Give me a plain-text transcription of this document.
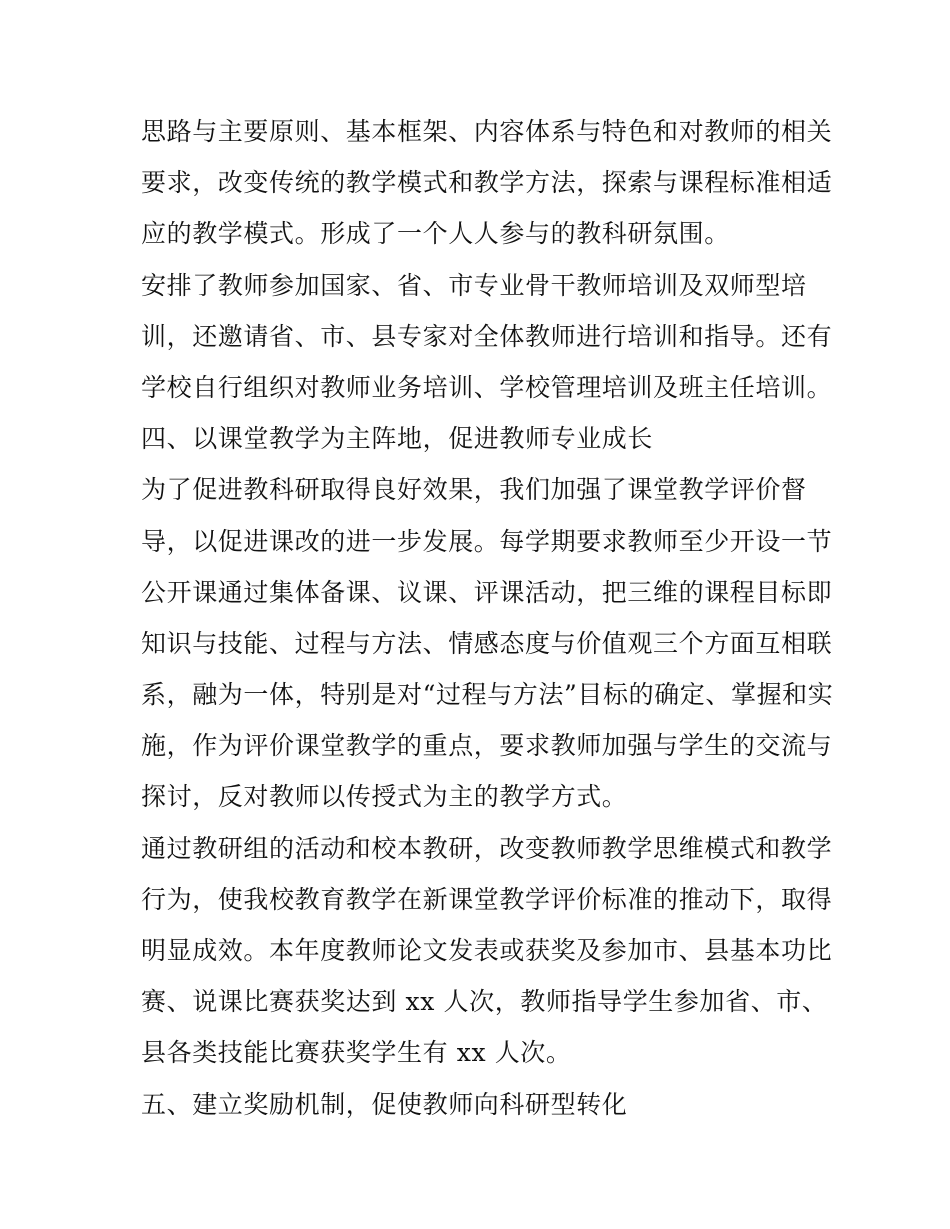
思路与主要原则、基本框架、内容体系与特色和对教师的相关
要求，改变传统的教学模式和教学方法，探索与课程标准相适
应的教学模式。形成了一个人人参与的教科研氛围。
安排了教师参加国家、省、市专业骨干教师培训及双师型培
训，还邀请省、市、县专家对全体教师进行培训和指导。还有
学校自行组织对教师业务培训、学校管理培训及班主任培训。
四、以课堂教学为主阵地，促进教师专业成长
为了促进教科研取得良好效果，我们加强了课堂教学评价督
导，以促进课改的进一步发展。每学期要求教师至少开设一节
公开课通过集体备课、议课、评课活动，把三维的课程目标即
知识与技能、过程与方法、情感态度与价值观三个方面互相联
系，融为一体，特别是对“过程与方法”目标的确定、掌握和实
施，作为评价课堂教学的重点，要求教师加强与学生的交流与
探讨，反对教师以传授式为主的教学方式。
通过教研组的活动和校本教研，改变教师教学思维模式和教学
行为，使我校教育教学在新课堂教学评价标准的推动下，取得
明显成效。本年度教师论文发表或获奖及参加市、县基本功比
赛、说课比赛获奖达到 xx 人次，教师指导学生参加省、市、
县各类技能比赛获奖学生有 xx 人次。
五、建立奖励机制，促使教师向科研型转化
